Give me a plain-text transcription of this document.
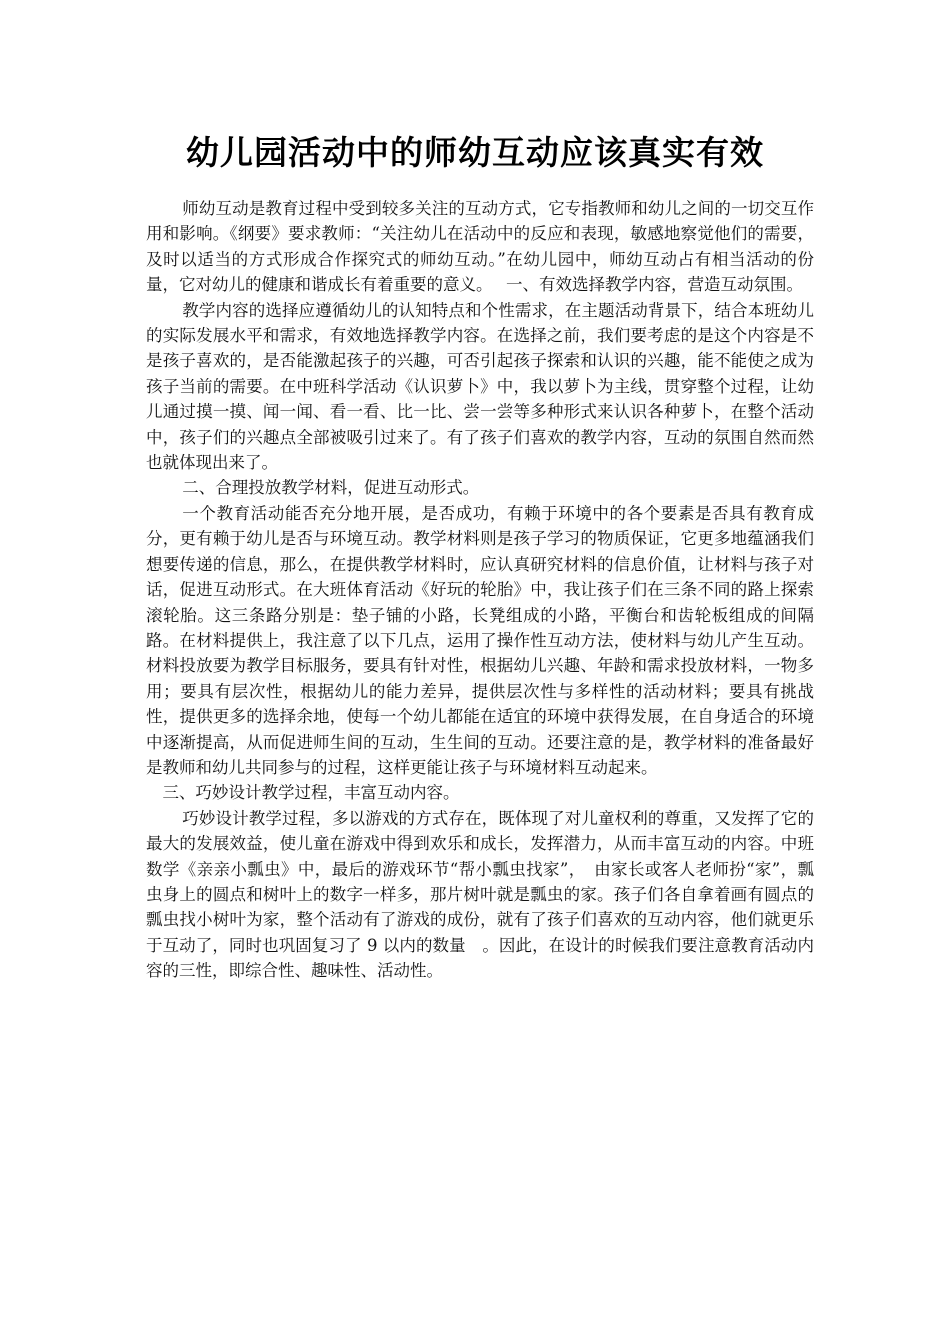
幼儿园活动中的师幼互动应该真实有效

师幼互动是教育过程中受到较多关注的互动方式，它专指教师和幼儿之间的一切交互作用和影响。《纲要》要求教师：“关注幼儿在活动中的反应和表现，敏感地察觉他们的需要，及时以适当的方式形成合作探究式的师幼互动。”在幼儿园中，师幼互动占有相当活动的份量，它对幼儿的健康和谐成长有着重要的意义。　 一、有效选择教学内容，营造互动氛围。

教学内容的选择应遵循幼儿的认知特点和个性需求，在主题活动背景下，结合本班幼儿的实际发展水平和需求，有效地选择教学内容。在选择之前，我们要考虑的是这个内容是不是孩子喜欢的，是否能激起孩子的兴趣，可否引起孩子探索和认识的兴趣，能不能使之成为孩子当前的需要。在中班科学活动《认识萝卜》中，我以萝卜为主线，贯穿整个过程，让幼儿通过摸一摸、闻一闻、看一看、比一比、尝一尝等多种形式来认识各种萝卜，在整个活动中，孩子们的兴趣点全部被吸引过来了。有了孩子们喜欢的教学内容，互动的氛围自然而然也就体现出来了。

二、合理投放教学材料，促进互动形式。

一个教育活动能否充分地开展，是否成功，有赖于环境中的各个要素是否具有教育成分，更有赖于幼儿是否与环境互动。教学材料则是孩子学习的物质保证，它更多地蕴涵我们想要传递的信息，那么，在提供教学材料时，应认真研究材料的信息价值，让材料与孩子对话，促进互动形式。在大班体育活动《好玩的轮胎》中，我让孩子们在三条不同的路上探索滚轮胎。这三条路分别是：垫子铺的小路，长凳组成的小路，平衡台和齿轮板组成的间隔路。在材料提供上，我注意了以下几点，运用了操作性互动方法，使材料与幼儿产生互动。材料投放要为教学目标服务，要具有针对性，根据幼儿兴趣、年龄和需求投放材料，一物多用；要具有层次性，根据幼儿的能力差异，提供层次性与多样性的活动材料；要具有挑战性，提供更多的选择余地，使每一个幼儿都能在适宜的环境中获得发展，在自身适合的环境中逐渐提高，从而促进师生间的互动，生生间的互动。还要注意的是，教学材料的准备最好是教师和幼儿共同参与的过程，这样更能让孩子与环境材料互动起来。

三、巧妙设计教学过程，丰富互动内容。

巧妙设计教学过程，多以游戏的方式存在，既体现了对儿童权利的尊重，又发挥了它的最大的发展效益，使儿童在游戏中得到欢乐和成长，发挥潜力，从而丰富互动的内容。中班数学《亲亲小瓢虫》中，最后的游戏环节“帮小瓢虫找家”，　由家长或客人老师扮“家”，瓢虫身上的圆点和树叶上的数字一样多，那片树叶就是瓢虫的家。孩子们各自拿着画有圆点的瓢虫找小树叶为家，整个活动有了游戏的成份，就有了孩子们喜欢的互动内容，他们就更乐于互动了，同时也巩固复习了 9 以内的数量　。因此，在设计的时候我们要注意教育活动内容的三性，即综合性、趣味性、活动性。
